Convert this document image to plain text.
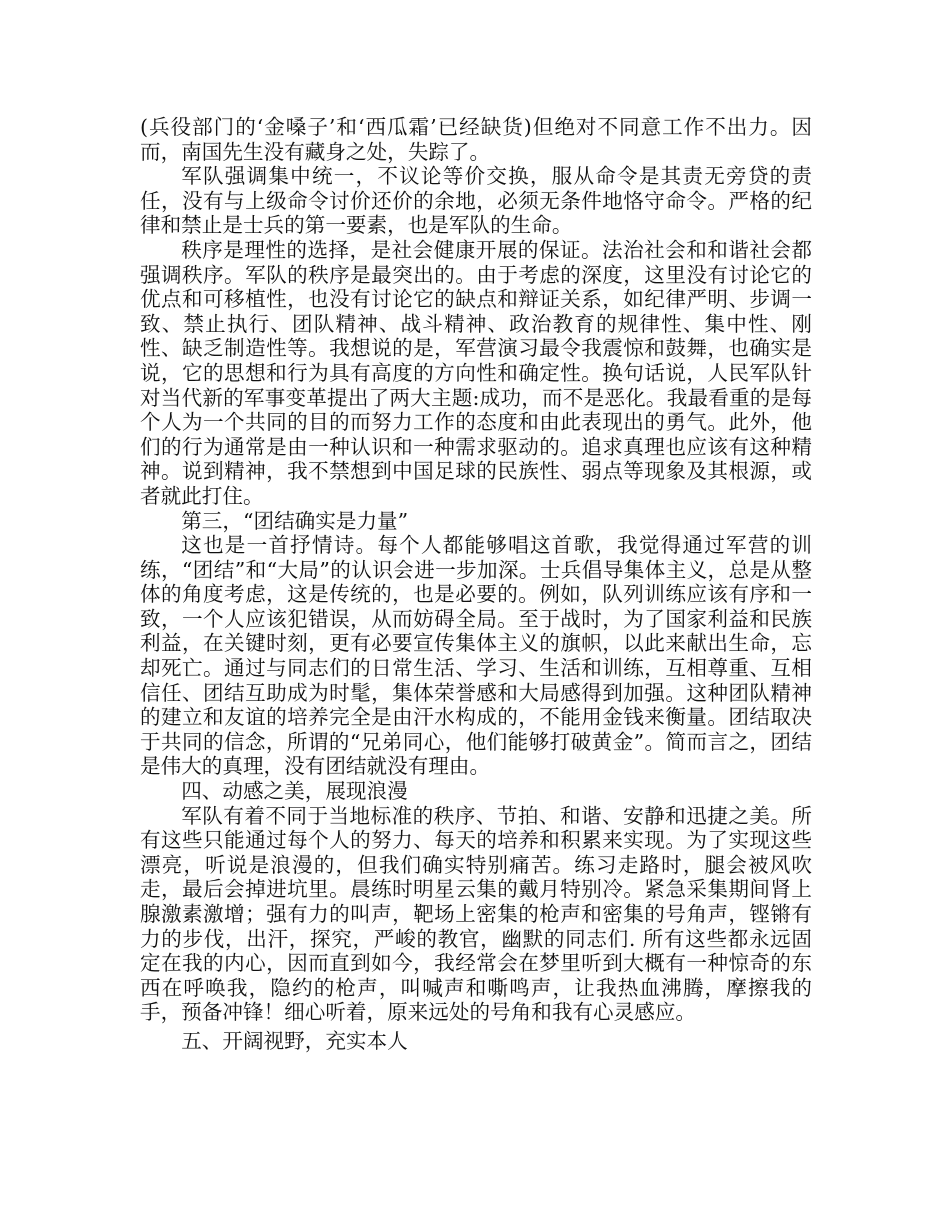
(兵役部门的‘金嗓子’和‘西瓜霜’已经缺货)但绝对不同意工作不出力。因而，南国先生没有藏身之处，失踪了。

军队强调集中统一，不议论等价交换，服从命令是其责无旁贷的责任，没有与上级命令讨价还价的余地，必须无条件地恪守命令。严格的纪律和禁止是士兵的第一要素，也是军队的生命。

秩序是理性的选择，是社会健康开展的保证。法治社会和和谐社会都强调秩序。军队的秩序是最突出的。由于考虑的深度，这里没有讨论它的优点和可移植性，也没有讨论它的缺点和辩证关系，如纪律严明、步调一致、禁止执行、团队精神、战斗精神、政治教育的规律性、集中性、刚性、缺乏制造性等。我想说的是，军营演习最令我震惊和鼓舞，也确实是说，它的思想和行为具有高度的方向性和确定性。换句话说，人民军队针对当代新的军事变革提出了两大主题:成功，而不是恶化。我最看重的是每个人为一个共同的目的而努力工作的态度和由此表现出的勇气。此外，他们的行为通常是由一种认识和一种需求驱动的。追求真理也应该有这种精神。说到精神，我不禁想到中国足球的民族性、弱点等现象及其根源，或者就此打住。

第三，“团结确实是力量”

这也是一首抒情诗。每个人都能够唱这首歌，我觉得通过军营的训练，“团结”和“大局”的认识会进一步加深。士兵倡导集体主义，总是从整体的角度考虑，这是传统的，也是必要的。例如，队列训练应该有序和一致，一个人应该犯错误，从而妨碍全局。至于战时，为了国家利益和民族利益，在关键时刻，更有必要宣传集体主义的旗帜，以此来献出生命，忘却死亡。通过与同志们的日常生活、学习、生活和训练，互相尊重、互相信任、团结互助成为时髦，集体荣誉感和大局感得到加强。这种团队精神的建立和友谊的培养完全是由汗水构成的，不能用金钱来衡量。团结取决于共同的信念，所谓的“兄弟同心，他们能够打破黄金”。简而言之，团结是伟大的真理，没有团结就没有理由。

四、动感之美，展现浪漫

军队有着不同于当地标准的秩序、节拍、和谐、安静和迅捷之美。所有这些只能通过每个人的努力、每天的培养和积累来实现。为了实现这些漂亮，听说是浪漫的，但我们确实特别痛苦。练习走路时，腿会被风吹走，最后会掉进坑里。晨练时明星云集的戴月特别冷。紧急采集期间肾上腺激素激增；强有力的叫声，靶场上密集的枪声和密集的号角声，铿锵有力的步伐，出汗，探究，严峻的教官，幽默的同志们. 所有这些都永远固定在我的内心，因而直到如今，我经常会在梦里听到大概有一种惊奇的东西在呼唤我，隐约的枪声，叫喊声和嘶鸣声，让我热血沸腾，摩擦我的手，预备冲锋！细心听着，原来远处的号角和我有心灵感应。

五、开阔视野，充实本人
